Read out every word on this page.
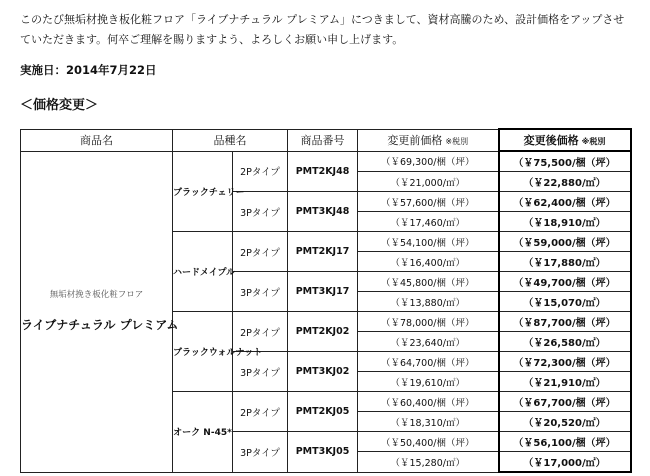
このたび無垢材挽き板化粧フロア「ライブナチュラル プレミアム」につきまして、資材高騰のため、設計価格をアップさせていただきます。何卒ご理解を賜りますよう、よろしくお願い申し上げます。
実施日：2014年7月22日
＜価格変更＞
商品名	品種名		商品番号	変更前価格 ※税別	変更後価格 ※税別
無垢材挽き板化粧フロア
ライブナチュラル プレミアム	ブラックチェリー	2Pタイプ	PMT2KJ48	（￥69,300/梱（坪）	（￥75,500/梱（坪）
				（￥21,000/㎡）	（￥22,880/㎡）
		3Pタイプ	PMT3KJ48	（￥57,600/梱（坪）	（￥62,400/梱（坪）
				（￥17,460/㎡）	（￥18,910/㎡）
	ハードメイプル	2Pタイプ	PMT2KJ17	（￥54,100/梱（坪）	（￥59,000/梱（坪）
				（￥16,400/㎡）	（￥17,880/㎡）
		3Pタイプ	PMT3KJ17	（￥45,800/梱（坪）	（￥49,700/梱（坪）
				（￥13,880/㎡）	（￥15,070/㎡）
	ブラックウォルナット	2Pタイプ	PMT2KJ02	（￥78,000/梱（坪）	（￥87,700/梱（坪）
				（￥23,640/㎡）	（￥26,580/㎡）
		3Pタイプ	PMT3KJ02	（￥64,700/梱（坪）	（￥72,300/梱（坪）
				（￥19,610/㎡）	（￥21,910/㎡）
	オーク N-45*	2Pタイプ	PMT2KJ05	（￥60,400/梱（坪）	（￥67,700/梱（坪）
				（￥18,310/㎡）	（￥20,520/㎡）
		3Pタイプ	PMT3KJ05	（￥50,400/梱（坪）	（￥56,100/梱（坪）
				（￥15,280/㎡）	（￥17,000/㎡）
